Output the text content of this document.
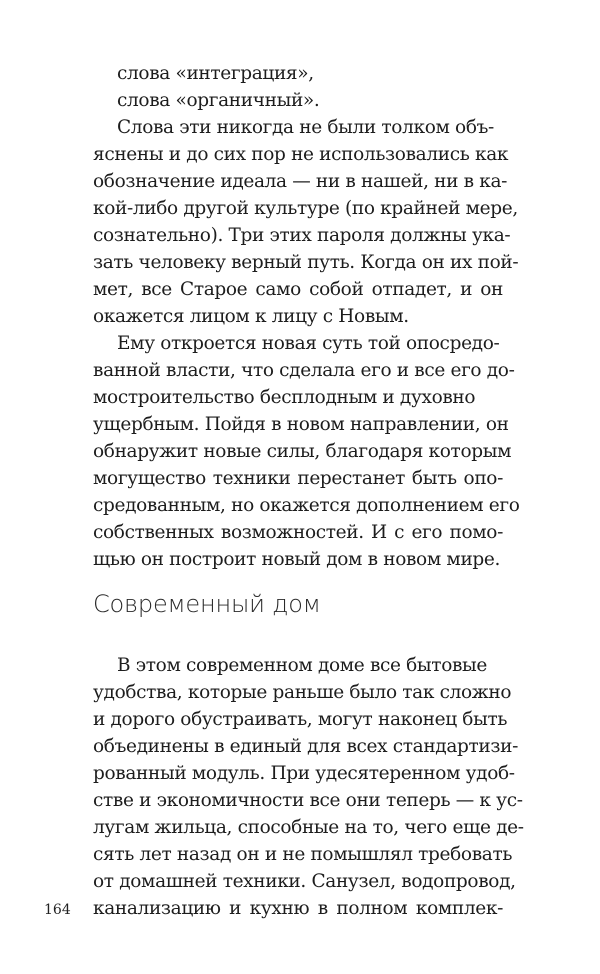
слова «интеграция»,
слова «органичный».
Слова эти никогда не были толком объ-
яснены и до сих пор не использовались как
обозначение идеала — ни в нашей, ни в ка-
кой-либо другой культуре (по крайней мере,
сознательно). Три этих пароля должны ука-
зать человеку верный путь. Когда он их пой-
мет, все Старое само собой отпадет, и он
окажется лицом к лицу с Новым.
Ему откроется новая суть той опосредо-
ванной власти, что сделала его и все его до-
мостроительство бесплодным и духовно
ущербным. Пойдя в новом направлении, он
обнаружит новые силы, благодаря которым
могущество техники перестанет быть опо-
средованным, но окажется дополнением его
собственных возможностей. И с его помо-
щью он построит новый дом в новом мире.
Современный дом
В этом современном доме все бытовые
удобства, которые раньше было так сложно
и дорого обустраивать, могут наконец быть
объединены в единый для всех стандартизи-
рованный модуль. При удесятеренном удоб-
стве и экономичности все они теперь — к ус-
лугам жильца, способные на то, чего еще де-
сять лет назад он и не помышлял требовать
от домашней техники. Санузел, водопровод,
канализацию и кухню в полном комплек-
164
